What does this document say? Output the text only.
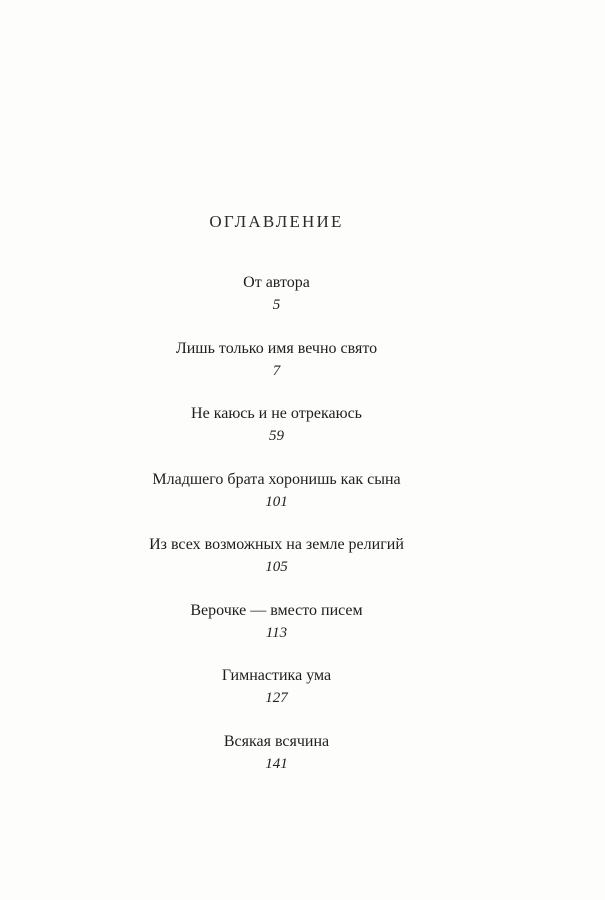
ОГЛАВЛЕНИЕ
От автора
5
Лишь только имя вечно свято
7
Не каюсь и не отрекаюсь
59
Младшего брата хоронишь как сына
101
Из всех возможных на земле религий
105
Верочке — вместо писем
113
Гимнастика ума
127
Всякая всячина
141
